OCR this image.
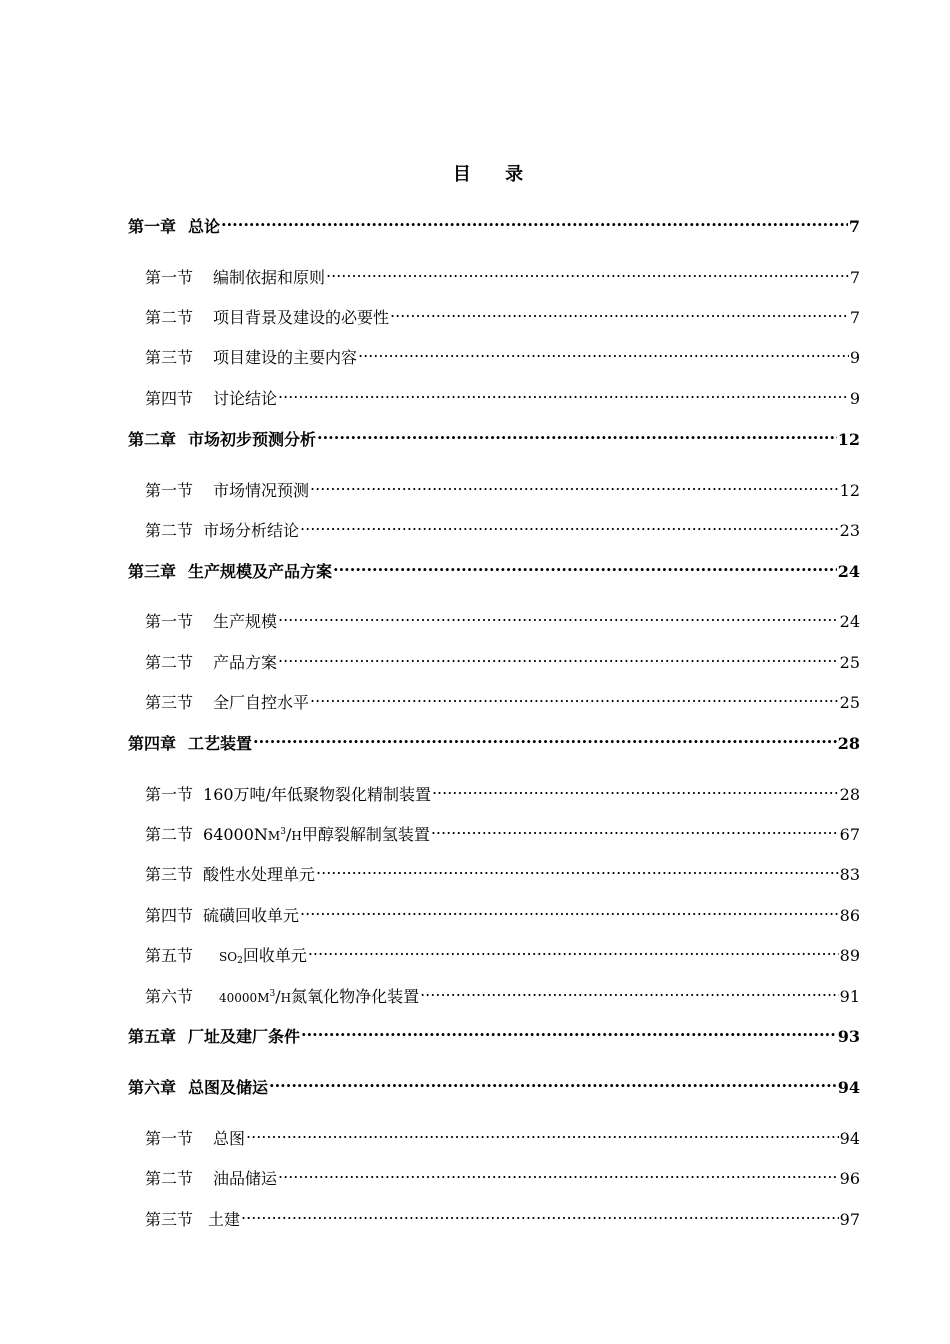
目 录
第一章 总论 .....	7
第一节 编制依据和原则 .....	7
第二节 项目背景及建设的必要性 .....	7
第三节 项目建设的主要内容 .....	9
第四节 讨论结论 .....	9
第二章 市场初步预测分析 .....	12
第一节 市场情况预测 .....	12
第二节 市场分析结论 .....	23
第三章 生产规模及产品方案 .....	24
第一节 生产规模 .....	24
第二节 产品方案 .....	25
第三节 全厂自控水平 .....	25
第四章 工艺装置 .....	28
第一节 160万吨/年低聚物裂化精制装置 .....	28
第二节 $64000NM^3/H$甲醇裂解制氢装置 .....	67
第三节 酸性水处理单元 .....	83
第四节 硫磺回收单元 .....	86
第五节 $SO_2$回收单元 .....	89
第六节 $40000M^3/H$氮氧化物净化装置 .....	91
第五章 厂址及建厂条件 .....	93
第六章 总图及储运 .....	94
第一节 总图 .....	94
第二节 油品储运 .....	96
第三节 土建 .....	97
